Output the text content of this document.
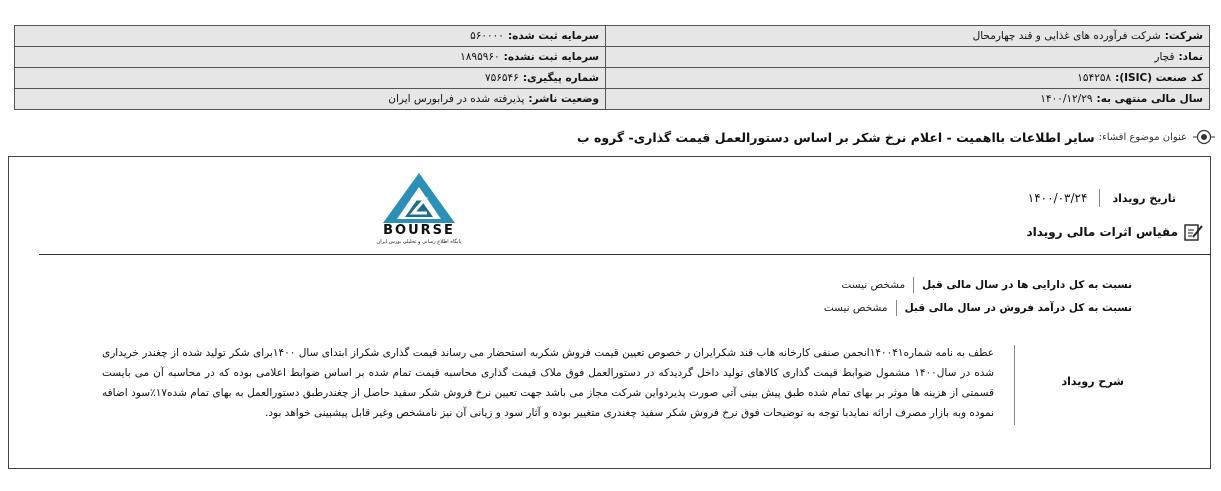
شرکت:شرکت فرآورده های غذایی و قند چهارمحال	سرمایه ثبت شده:۵۶۰۰۰۰
نماد:قچار	سرمایه ثبت نشده:۱۸۹۵۹۶۰
کد صنعت (ISIC):۱۵۴۲۵۸	شماره پیگیری:۷۵۶۵۴۶
سال مالی منتهی به:۱۴۰۰/۱۲/۲۹	وضعیت ناشر:پذیرفته شده در فرابورس ایران
عنوان موضوع افشاء:
سایر اطلاعات بااهمیت - اعلام نرخ شکر بر اساس دستورالعمل قیمت گذاری- گروه ب
تاریخ رویداد
۱۴۰۰/۰۳/۲۴
مقیاس اثرات مالی رویداد
BOURSE
پایگاه اطلاع رسانی و تحلیلی بورس ایران
نسبت به کل دارایی ها در سال مالی قبل
مشخص نیست
نسبت به کل درآمد فروش در سال مالی قبل
مشخص نیست
شرح رویداد
عطف به نامه شماره۱۴۰۰۴۱انجمن صنفی کارخانه هاب قند شکرایران ر خصوص تعیین قیمت فروش شکربه استحضار می رساند قیمت گذاری شکراز ابتدای سال ۱۴۰۰برای شکر تولید شده از چغندر خریداری شده در سال۱۴۰۰ مشمول ضوابط قیمت گذاری کالاهای تولید داخل گردیدکه در دستورالعمل فوق ملاک قیمت گذاری محاسبه قیمت تمام شده بر اساس ضوابط اعلامی بوده که در محاسبه آن می بایست قسمتی از هزینه ها موثر بر بهای تمام شده طبق پیش بینی آتی صورت پذیردواین شرکت مجاز می باشد جهت تعیین نرخ فروش شکر سفید حاصل از چغندرطبق دستورالعمل به بهای تمام شده۱۷٪سود اضافه نموده وبه بازار مصرف ارائه نمایدبا توجه به توضیحات فوق نرخ فروش شکر سفید چغندری متغییر بوده و آثار سود و زیانی آن نیز نامشخص وغیر قابل پیشبینی خواهد بود.
